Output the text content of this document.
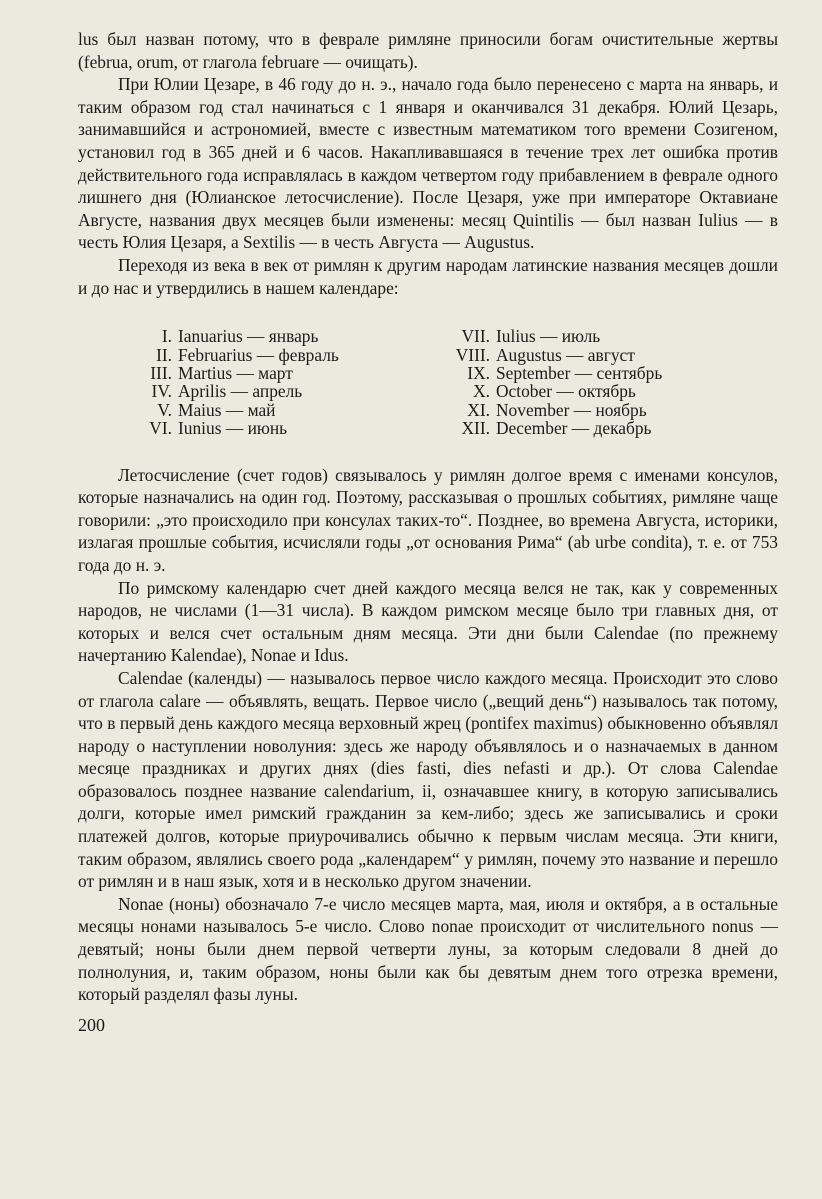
lus был назван потому, что в феврале римляне приносили богам очистительные жертвы (februa, orum, от глагола februare — очищать).

При Юлии Цезаре, в 46 году до н. э., начало года было перенесено с марта на январь, и таким образом год стал начинаться с 1 января и оканчивался 31 декабря. Юлий Цезарь, занимавшийся и астрономией, вместе с известным математиком того времени Созигеном, установил год в 365 дней и 6 часов. Накапливавшаяся в течение трех лет ошибка против действительного года исправлялась в каждом четвертом году прибавлением в феврале одного лишнего дня (Юлианское летосчисление). После Цезаря, уже при императоре Октавиане Августе, названия двух месяцев были изменены: месяц Quintilis — был назван Iulius — в честь Юлия Цезаря, а Sextilis — в честь Августа — Augustus.

Переходя из века в век от римлян к другим народам латинские названия месяцев дошли и до нас и утвердились в нашем календаре:

I. Ianuarius — январь
II. Februarius — февраль
III. Martius — март
IV. Aprilis — апрель
V. Maius — май
VI. Iunius — июнь
VII. Iulius — июль
VIII. Augustus — август
IX. September — сентябрь
X. October — октябрь
XI. November — ноябрь
XII. December — декабрь

Летосчисление (счет годов) связывалось у римлян долгое время с именами консулов, которые назначались на один год. Поэтому, рассказывая о прошлых событиях, римляне чаще говорили: „это происходило при консулах таких-то“. Позднее, во времена Августа, историки, излагая прошлые события, исчисляли годы „от основания Рима“ (ab urbe condita), т. е. от 753 года до н. э.

По римскому календарю счет дней каждого месяца велся не так, как у современных народов, не числами (1—31 числа). В каждом римском месяце было три главных дня, от которых и велся счет остальным дням месяца. Эти дни были Calendae (по прежнему начертанию Kalendae), Nonae и Idus.

Calendae (календы) — называлось первое число каждого месяца. Происходит это слово от глагола calare — объявлять, вещать. Первое число („вещий день“) называлось так потому, что в первый день каждого месяца верховный жрец (pontifex maximus) обыкновенно объявлял народу о наступлении новолуния: здесь же народу объявлялось и о назначаемых в данном месяце праздниках и других днях (dies fasti, dies nefasti и др.). От слова Calendae образовалось позднее название calendarium, ii, означавшее книгу, в которую записывались долги, которые имел римский гражданин за кем-либо; здесь же записывались и сроки платежей долгов, которые приурочивались обычно к первым числам месяца. Эти книги, таким образом, являлись своего рода „календарем“ у римлян, почему это название и перешло от римлян и в наш язык, хотя и в несколько другом значении.

Nonae (ноны) обозначало 7-е число месяцев марта, мая, июля и октября, а в остальные месяцы нонами называлось 5-е число. Слово nonae происходит от числительного nonus — девятый; ноны были днем первой четверти луны, за которым следовали 8 дней до полнолуния, и, таким образом, ноны были как бы девятым днем того отрезка времени, который разделял фазы луны.

200
